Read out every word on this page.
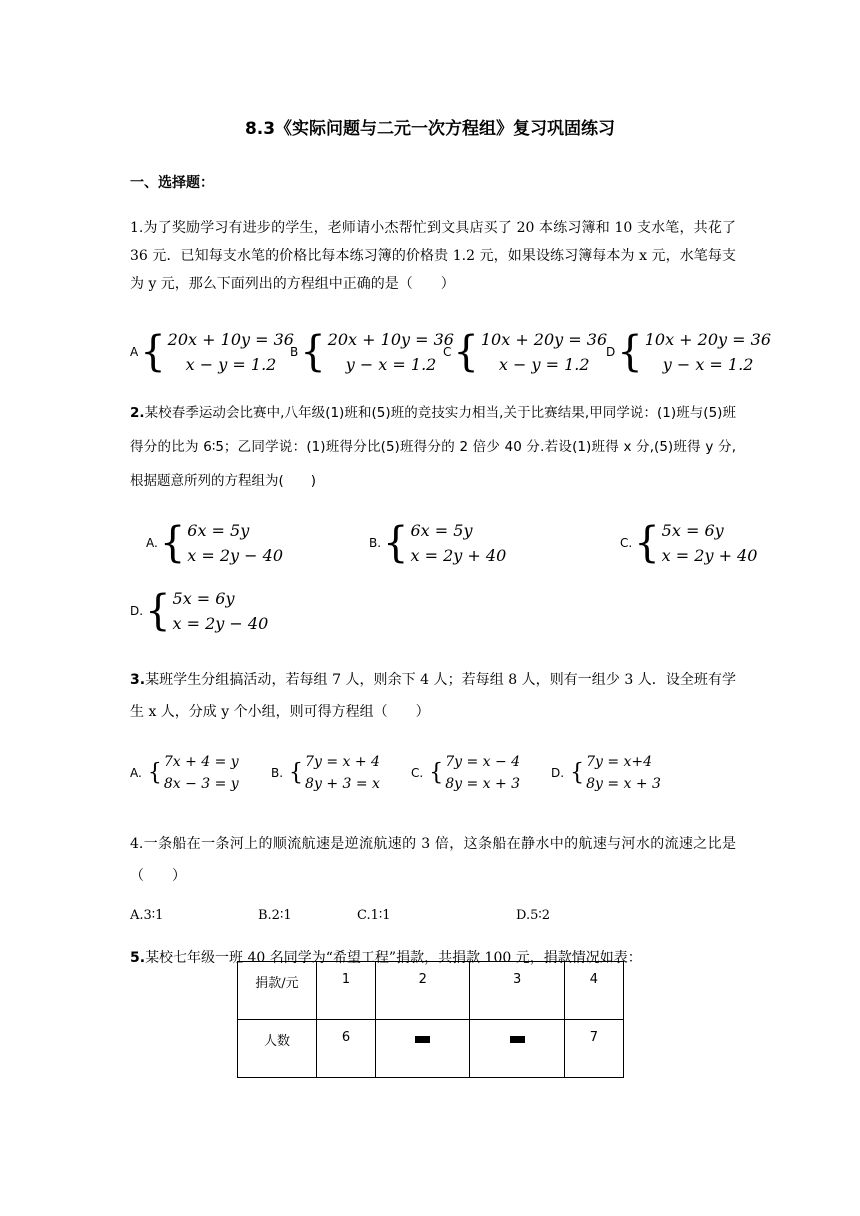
8.3《实际问题与二元一次方程组》复习巩固练习
一、选择题：
1.为了奖励学习有进步的学生，老师请小杰帮忙到文具店买了 20 本练习簿和 10 支水笔，共花了 36 元．已知每支水笔的价格比每本练习簿的价格贵 1.2 元，如果设练习簿每本为 x 元，水笔每支为 y 元，那么下面列出的方程组中正确的是（　　）
A { 20x + 10y = 36
x − y = 1.2
B { 20x + 10y = 36
y − x = 1.2
C { 10x + 20y = 36
x − y = 1.2
D { 10x + 20y = 36
y − x = 1.2
2.某校春季运动会比赛中,八年级(1)班和(5)班的竞技实力相当,关于比赛结果,甲同学说：(1)班与(5)班得分的比为 6∶5；乙同学说：(1)班得分比(5)班得分的 2 倍少 40 分.若设(1)班得 x 分,(5)班得 y 分,根据题意所列的方程组为(　　)
A. { 6x = 5y
x = 2y − 40
B. { 6x = 5y
x = 2y + 40
C. { 5x = 6y
x = 2y + 40
D. { 5x = 6y
x = 2y − 40
3.某班学生分组搞活动，若每组 7 人，则余下 4 人；若每组 8 人，则有一组少 3 人．设全班有学生 x 人，分成 y 个小组，则可得方程组（　　）
A. { 7x + 4 = y
8x − 3 = y
B. { 7y = x + 4
8y + 3 = x
C. { 7y = x − 4
8y = x + 3
D. { 7y = x+4
8y = x + 3
4.一条船在一条河上的顺流航速是逆流航速的 3 倍，这条船在静水中的航速与河水的流速之比是（　　）
A.3∶1	B.2∶1	C.1∶1	D.5∶2
5.某校七年级一班 40 名同学为“希望工程”捐款，共捐款 100 元，捐款情况如表：
捐款/元	1	2	3	4
人数	6			7
